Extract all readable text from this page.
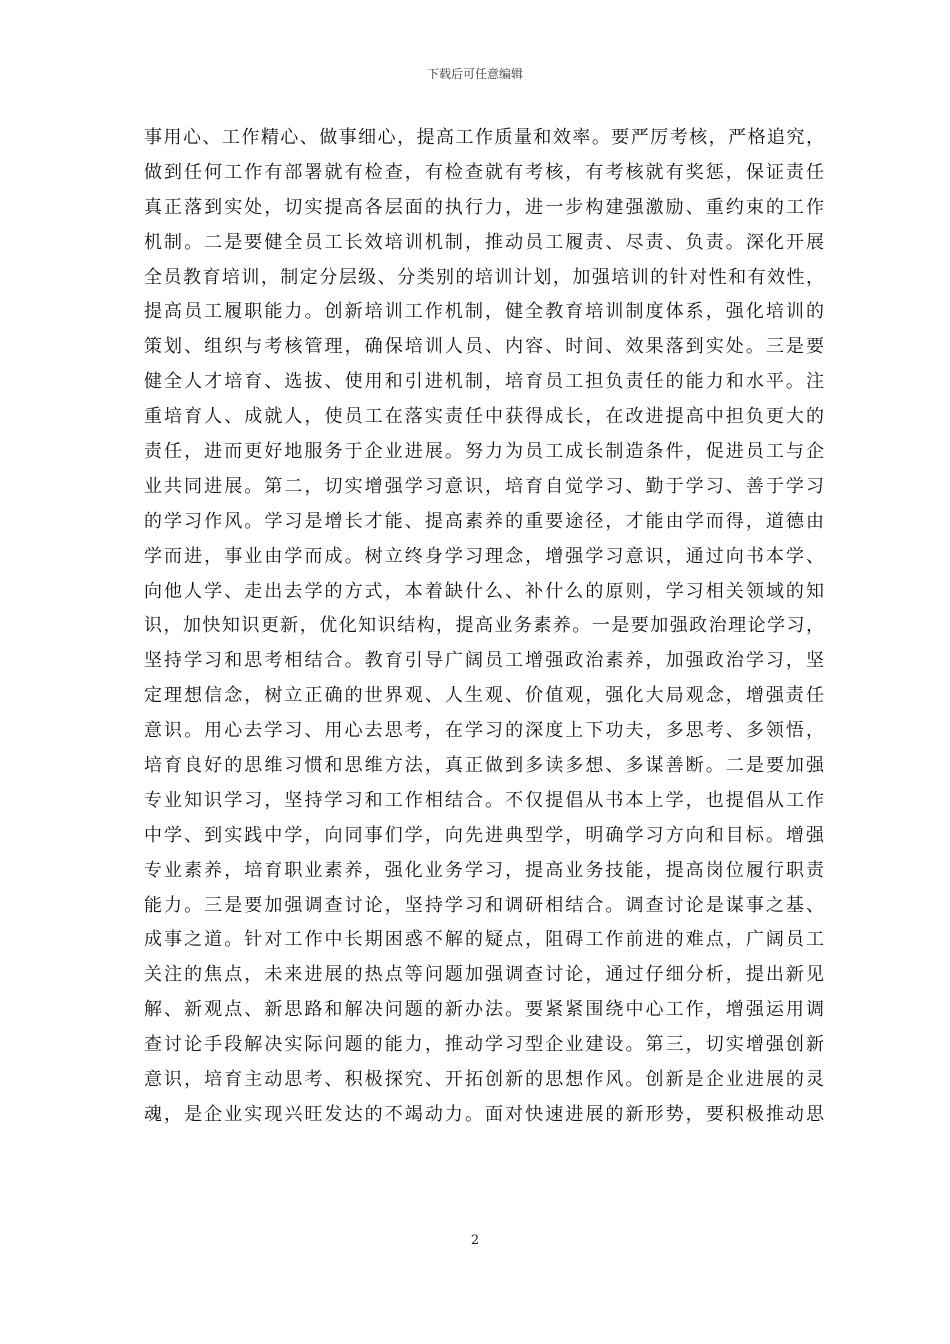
下载后可任意编辑
事用心、工作精心、做事细心，提高工作质量和效率。要严厉考核，严格追究，
做到任何工作有部署就有检查，有检查就有考核，有考核就有奖惩，保证责任
真正落到实处，切实提高各层面的执行力，进一步构建强激励、重约束的工作
机制。二是要健全员工长效培训机制，推动员工履责、尽责、负责。深化开展
全员教育培训，制定分层级、分类别的培训计划，加强培训的针对性和有效性，
提高员工履职能力。创新培训工作机制，健全教育培训制度体系，强化培训的
策划、组织与考核管理，确保培训人员、内容、时间、效果落到实处。三是要
健全人才培育、选拔、使用和引进机制，培育员工担负责任的能力和水平。注
重培育人、成就人，使员工在落实责任中获得成长，在改进提高中担负更大的
责任，进而更好地服务于企业进展。努力为员工成长制造条件，促进员工与企
业共同进展。第二，切实增强学习意识，培育自觉学习、勤于学习、善于学习
的学习作风。学习是增长才能、提高素养的重要途径，才能由学而得，道德由
学而进，事业由学而成。树立终身学习理念，增强学习意识，通过向书本学、
向他人学、走出去学的方式，本着缺什么、补什么的原则，学习相关领域的知
识，加快知识更新，优化知识结构，提高业务素养。一是要加强政治理论学习，
坚持学习和思考相结合。教育引导广阔员工增强政治素养，加强政治学习，坚
定理想信念，树立正确的世界观、人生观、价值观，强化大局观念，增强责任
意识。用心去学习、用心去思考，在学习的深度上下功夫，多思考、多领悟，
培育良好的思维习惯和思维方法，真正做到多读多想、多谋善断。二是要加强
专业知识学习，坚持学习和工作相结合。不仅提倡从书本上学，也提倡从工作
中学、到实践中学，向同事们学，向先进典型学，明确学习方向和目标。增强
专业素养，培育职业素养，强化业务学习，提高业务技能，提高岗位履行职责
能力。三是要加强调查讨论，坚持学习和调研相结合。调查讨论是谋事之基、
成事之道。针对工作中长期困惑不解的疑点，阻碍工作前进的难点，广阔员工
关注的焦点，未来进展的热点等问题加强调查讨论，通过仔细分析，提出新见
解、新观点、新思路和解决问题的新办法。要紧紧围绕中心工作，增强运用调
查讨论手段解决实际问题的能力，推动学习型企业建设。第三，切实增强创新
意识，培育主动思考、积极探究、开拓创新的思想作风。创新是企业进展的灵
魂，是企业实现兴旺发达的不竭动力。面对快速进展的新形势，要积极推动思
2
